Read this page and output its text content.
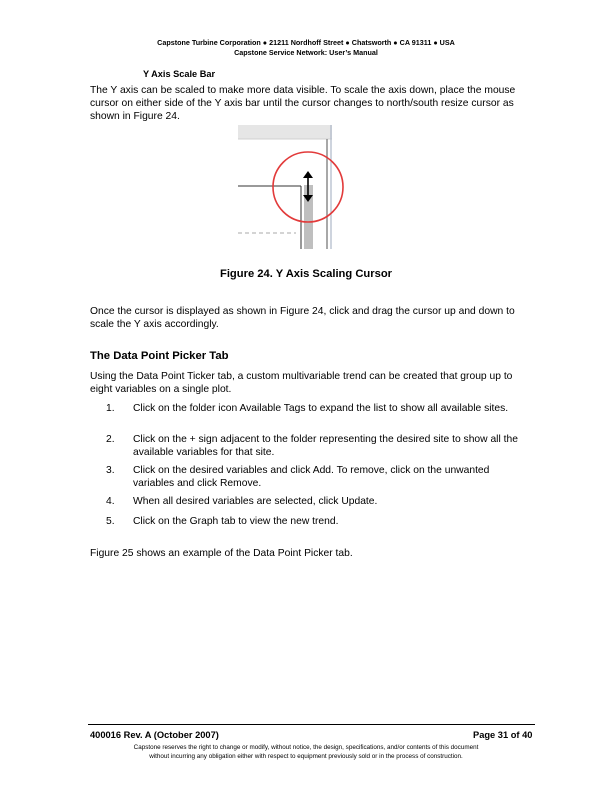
Capstone Turbine Corporation ● 21211 Nordhoff Street ● Chatsworth ● CA 91311 ● USA
Capstone Service Network: User’s Manual
Y Axis Scale Bar
The Y axis can be scaled to make more data visible. To scale the axis down, place the mouse cursor on either side of the Y axis bar until the cursor changes to north/south resize cursor as shown in Figure 24.
Figure 24. Y Axis Scaling Cursor
Once the cursor is displayed as shown in Figure 24, click and drag the cursor up and down to scale the Y axis accordingly.
The Data Point Picker Tab
Using the Data Point Ticker tab, a custom multivariable trend can be created that group up to eight variables on a single plot.
1.	Click on the folder icon Available Tags to expand the list to show all available sites.
2.	Click on the + sign adjacent to the folder representing the desired site to show all the available variables for that site.
3.	Click on the desired variables and click Add. To remove, click on the unwanted variables and click Remove.
4.	When all desired variables are selected, click Update.
5.	Click on the Graph tab to view the new trend.
Figure 25 shows an example of the Data Point Picker tab.
400016 Rev. A (October 2007)	Page 31 of 40
Capstone reserves the right to change or modify, without notice, the design, specifications, and/or contents of this document
without incurring any obligation either with respect to equipment previously sold or in the process of construction.
